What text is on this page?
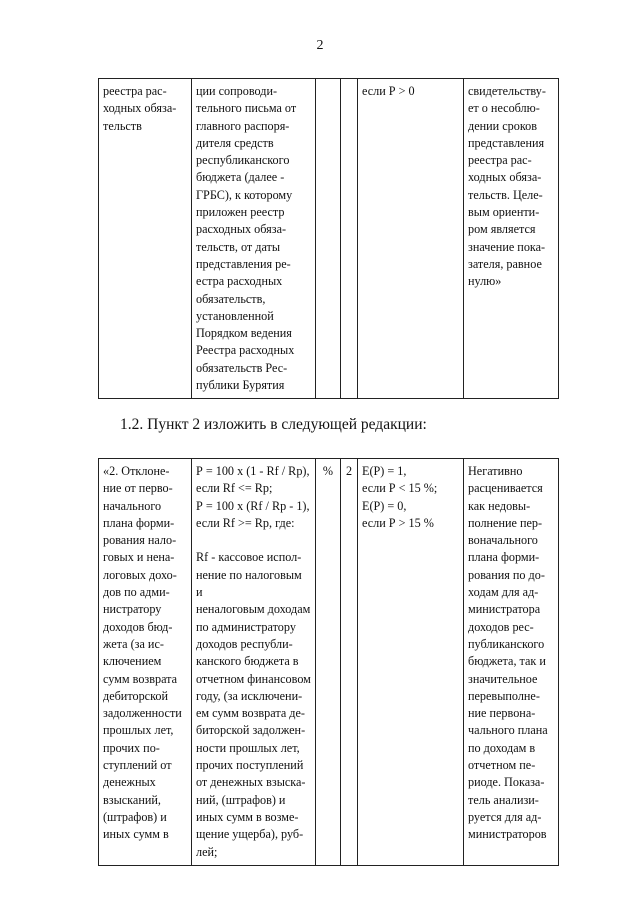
2
реестра рас-
ходных обяза-
тельств	ции сопроводи-
тельного письма от
главного распоря-
дителя средств
республиканского
бюджета (далее -
ГРБС), к которому
приложен реестр
расходных обяза-
тельств, от даты
представления ре-
естра расходных
обязательств,
установленной
Порядком ведения
Реестра расходных
обязательств Рес-
публики Бурятия			если Р > 0	свидетельству-
ет о несоблю-
дении сроков
представления
реестра рас-
ходных обяза-
тельств. Целе-
вым ориенти-
ром является
значение пока-
зателя, равное
нулю»
1.2. Пункт 2 изложить в следующей редакции:
«2. Отклоне-
ние от перво-
начального
плана форми-
рования нало-
говых и нена-
логовых дохо-
дов по адми-
нистратору
доходов бюд-
жета (за ис-
ключением
сумм возврата
дебиторской
задолженности
прошлых лет,
прочих по-
ступлений от
денежных
взысканий,
(штрафов) и
иных сумм в	Р = 100 x (1 - Rf / Rp),
если Rf <= Rp;
Р = 100 x (Rf / Rp - 1),
если Rf >= Rp, где:

Rf - кассовое испол-
нение по налоговым и
неналоговым доходам
по администратору
доходов республи-
канского бюджета в
отчетном финансовом
году, (за исключени-
ем сумм возврата де-
биторской задолжен-
ности прошлых лет,
прочих поступлений
от денежных взыска-
ний, (штрафов) и
иных сумм в возме-
щение ущерба), руб-
лей;	%	2	Е(Р) = 1,
если Р < 15 %;
Е(Р) = 0,
если Р > 15 %	Негативно
расценивается
как недовы-
полнение пер-
воначального
плана форми-
рования по до-
ходам для ад-
министратора
доходов рес-
публиканского
бюджета, так и
значительное
перевыполне-
ние первона-
чального плана
по доходам в
отчетном пе-
риоде. Показа-
тель анализи-
руется для ад-
министраторов
